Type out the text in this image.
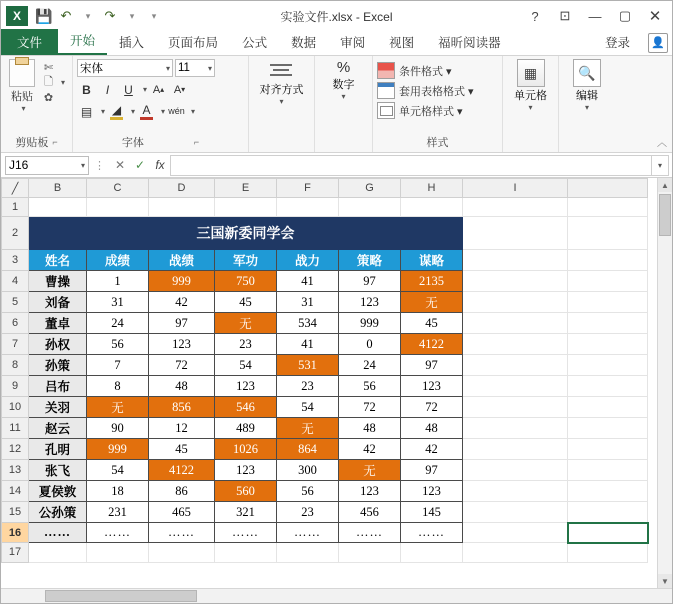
X	💾 ↶	▾	↷	▾	▾	实验文件.xlsx - Excel	?	⊡	—	▢	✕
文件	开始	插入	页面布局	公式	数据	审阅	视图	福昕阅读器	登录	👤
粘贴
▾
✄
🗋	▾
✿
剪贴板 ⌐
宋体	▾ 11	▾
B	I	U	▾ A ▴ A ▾
▤	▾ ◢	▾ A	▾ wén ▾
字体	⌐
对齐方式
▾
%
数字
▾
条件格式 ▾
套用表格格式 ▾
单元格样式 ▾
样式
▦
单元格
▾
🔍
编辑
▾
︿
J16	▾ ⋮ ✕ ✓ fx	▾
╱	B	C	D	E	F	G	H	I	
1									
2	三国新委同学会								
3	姓名	成绩	战绩	军功	战力	策略	谋略		
4	曹操	1	999	750	41	97	2135		
5	刘备	31	42	45	31	123	无		
6	董卓	24	97	无	534	999	45		
7	孙权	56	123	23	41	0	4122		
8	孙策	7	72	54	531	24	97		
9	吕布	8	48	123	23	56	123		
10	关羽	无	856	546	54	72	72		
11	赵云	90	12	489	无	48	48		
12	孔明	999	45	1026	864	42	42		
13	张飞	54	4122	123	300	无	97		
14	夏侯敦	18	86	560	56	123	123		
15	公孙策	231	465	321	23	456	145		
16	……	……	……	……	……	……	……		
17									
▲
▼
